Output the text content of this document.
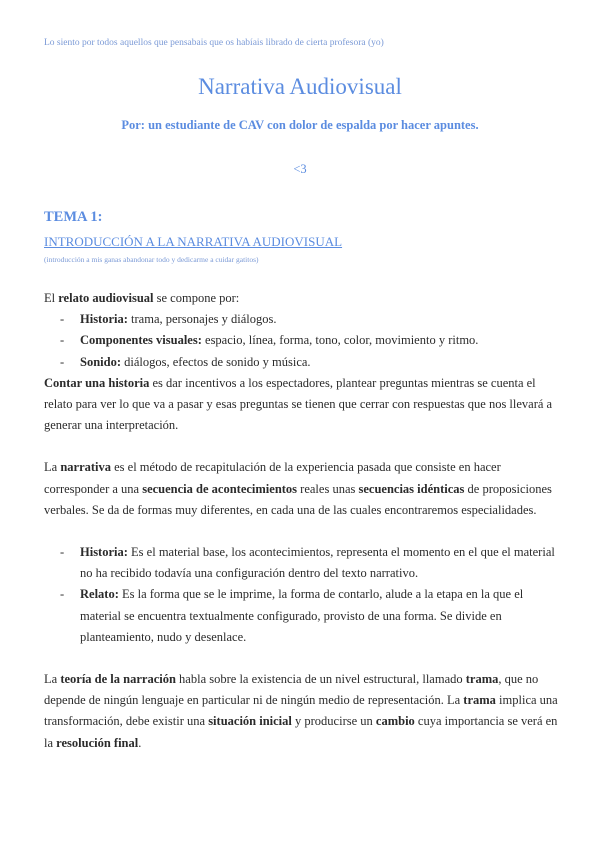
Lo siento por todos aquellos que pensabais que os habíais librado de cierta profesora (yo)
Narrativa Audiovisual
Por: un estudiante de CAV con dolor de espalda por hacer apuntes.
<3
TEMA 1:
INTRODUCCIÓN A LA NARRATIVA AUDIOVISUAL
(introducción a mis ganas abandonar todo y dedicarme a cuidar gatitos)

El relato audiovisual se compone por:

- Historia: trama, personajes y diálogos.
- Componentes visuales: espacio, línea, forma, tono, color, movimiento y ritmo.
- Sonido: diálogos, efectos de sonido y música.

Contar una historia es dar incentivos a los espectadores, plantear preguntas mientras se cuenta el relato para ver lo que va a pasar y esas preguntas se tienen que cerrar con respuestas que nos llevará a generar una interpretación.

La narrativa es el método de recapitulación de la experiencia pasada que consiste en hacer corresponder a una secuencia de acontecimientos reales unas secuencias idénticas de proposiciones verbales. Se da de formas muy diferentes, en cada una de las cuales encontraremos especialidades.

- Historia: Es el material base, los acontecimientos, representa el momento en el que el material no ha recibido todavía una configuración dentro del texto narrativo.
- Relato: Es la forma que se le imprime, la forma de contarlo, alude a la etapa en la que el material se encuentra textualmente configurado, provisto de una forma. Se divide en planteamiento, nudo y desenlace.

La teoría de la narración habla sobre la existencia de un nivel estructural, llamado trama, que no depende de ningún lenguaje en particular ni de ningún medio de representación. La trama implica una transformación, debe existir una situación inicial y producirse un cambio cuya importancia se verá en la resolución final.
